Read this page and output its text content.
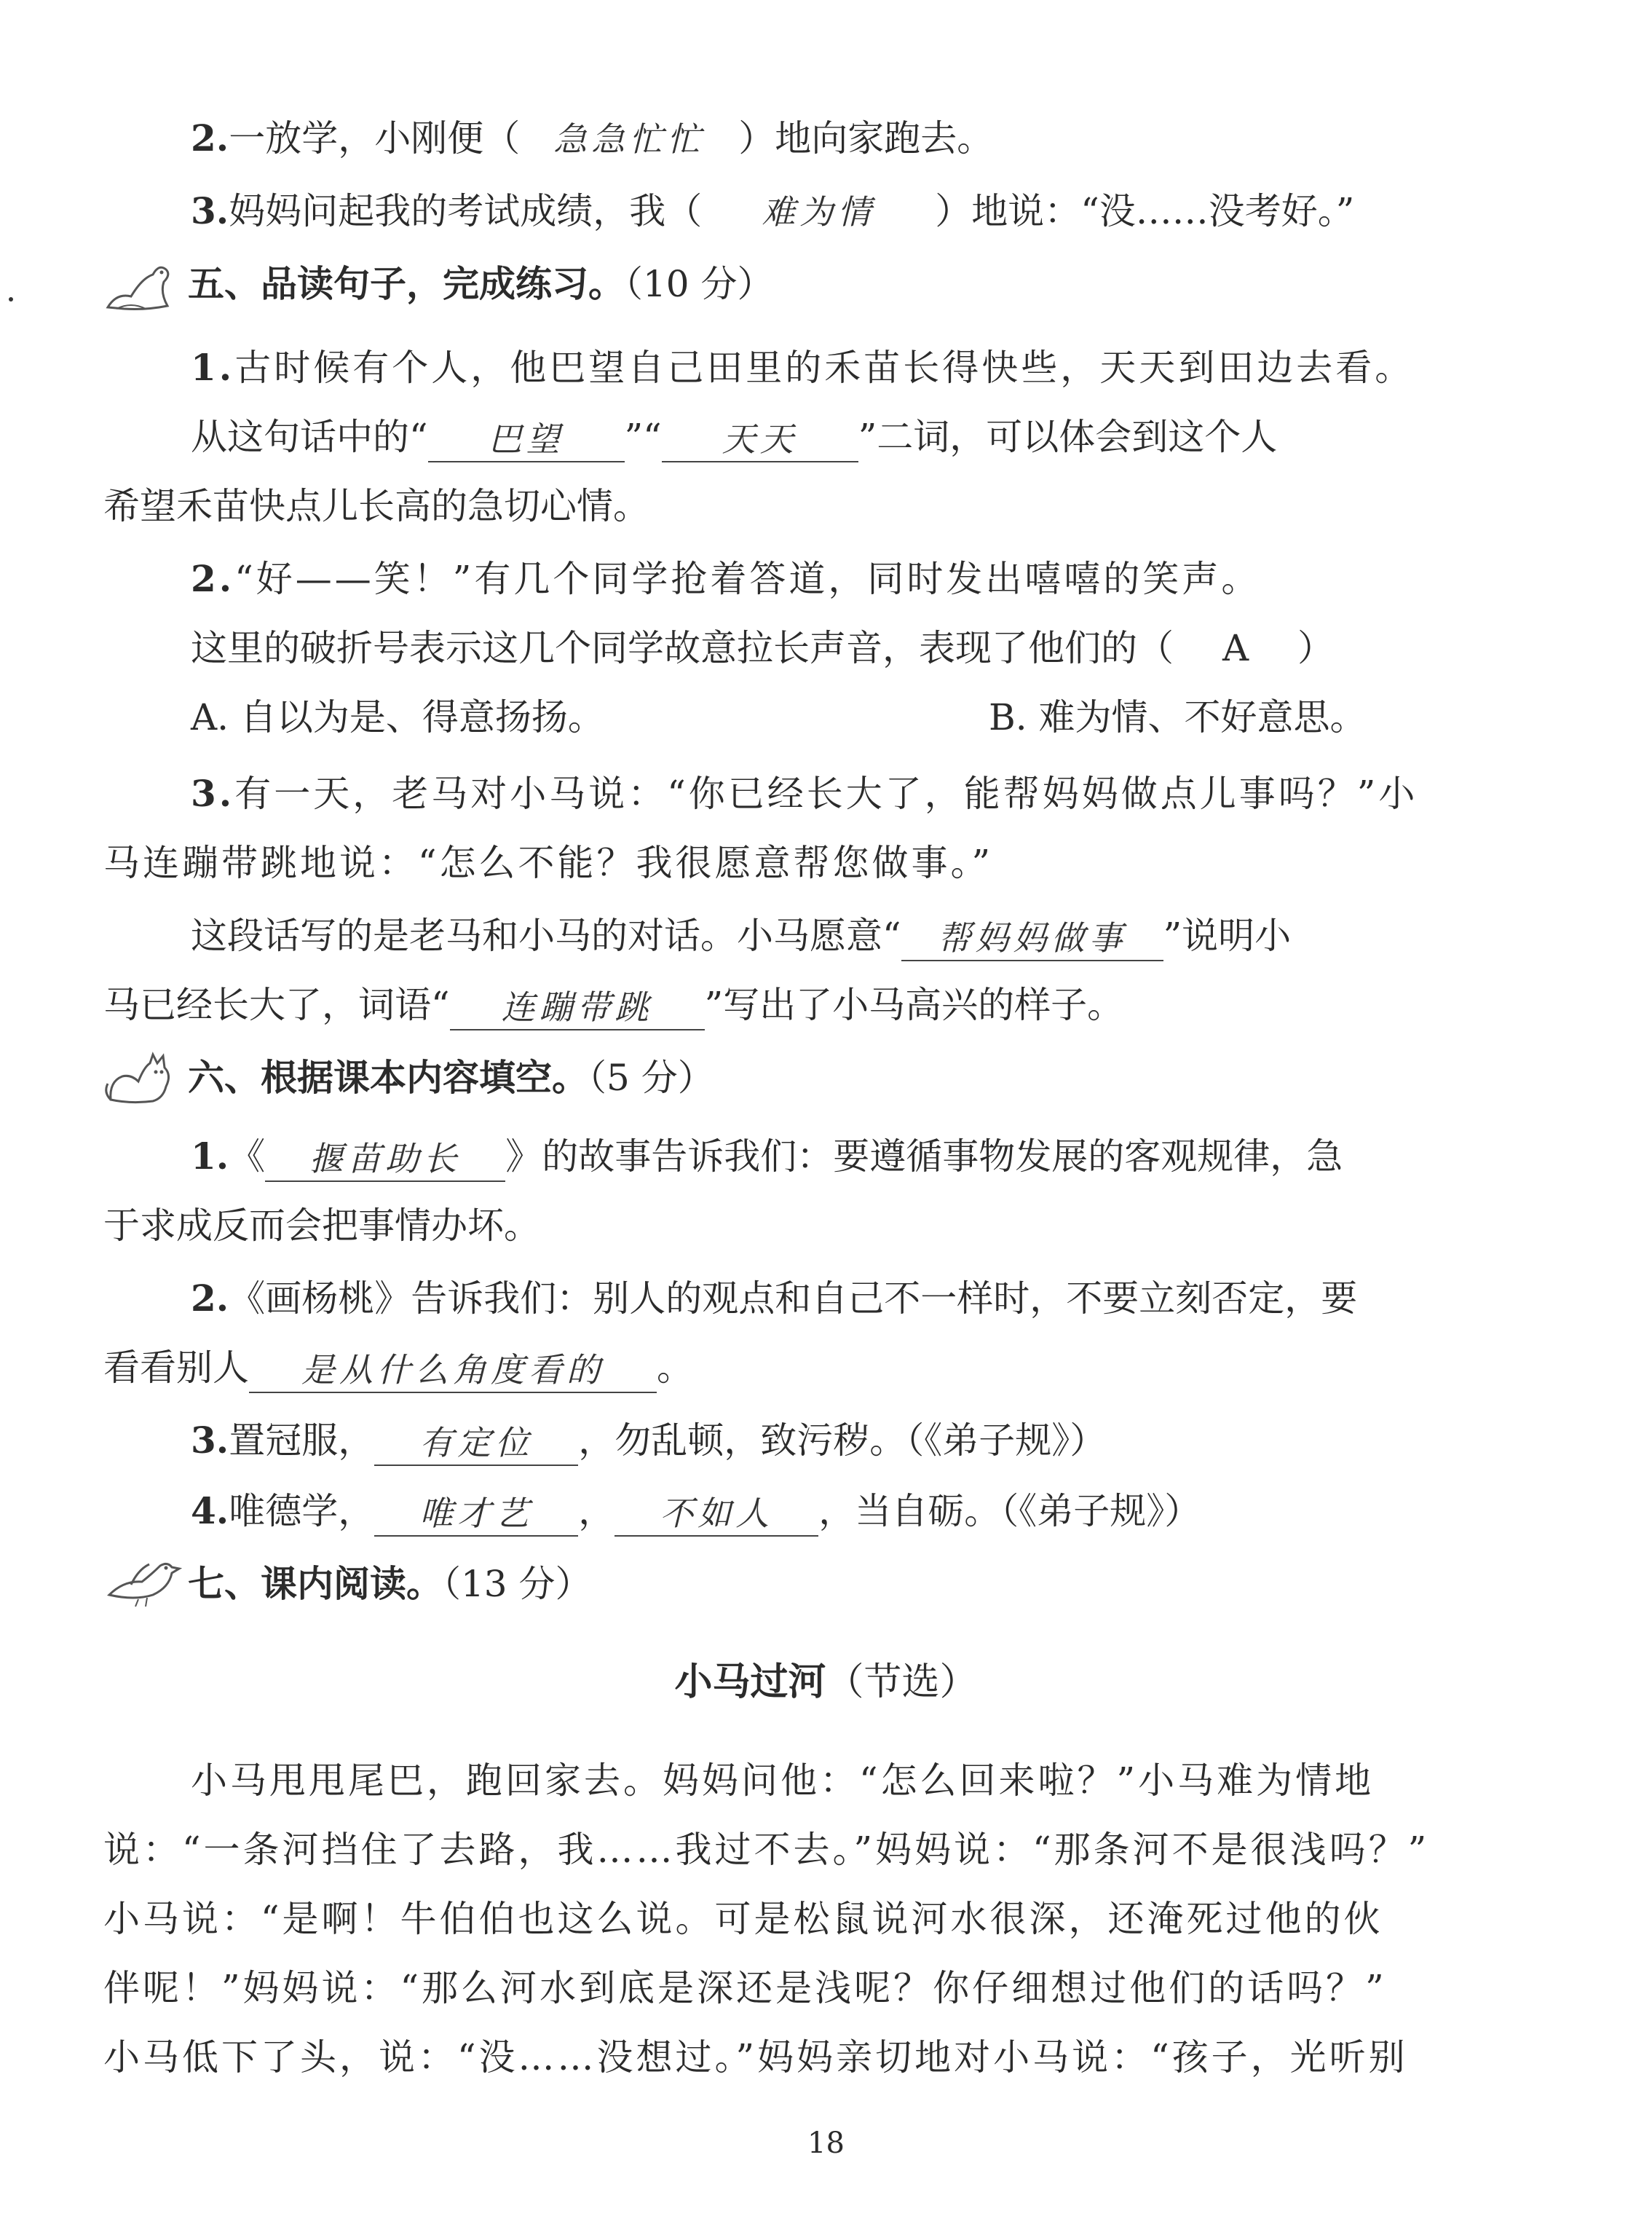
2.一放学，小刚便（ 急急忙忙 ）地向家跑去。
3.妈妈问起我的考试成绩，我（ 难为情 ）地说：“没……没考好。”
五、品读句子，完成练习。（10 分）
1.古时候有个人，他巴望自己田里的禾苗长得快些，天天到田边去看。
从这句话中的“ 巴望 ”“ 天天 ”二词，可以体会到这个人
希望禾苗快点儿长高的急切心情。
2.“好——笑！”有几个同学抢着答道，同时发出嘻嘻的笑声。
这里的破折号表示这几个同学故意拉长声音，表现了他们的（ A ）
A. 自以为是、得意扬扬。	B. 难为情、不好意思。
3.有一天，老马对小马说：“你已经长大了，能帮妈妈做点儿事吗？”小
马连蹦带跳地说：“怎么不能？我很愿意帮您做事。”
这段话写的是老马和小马的对话。小马愿意“ 帮妈妈做事 ”说明小
马已经长大了，词语“ 连蹦带跳 ”写出了小马高兴的样子。
六、根据课本内容填空。（5 分）
1.《 揠苗助长 》的故事告诉我们：要遵循事物发展的客观规律，急
于求成反而会把事情办坏。
2.《画杨桃》告诉我们：别人的观点和自己不一样时，不要立刻否定，要
看看别人 是从什么角度看的 。
3.置冠服， 有定位 ，勿乱顿，致污秽。（《弟子规》）
4.唯德学， 唯才艺 ， 不如人 ，当自砺。（《弟子规》）
七、课内阅读。（13 分）
小马过河（节选）
小马甩甩尾巴，跑回家去。妈妈问他：“怎么回来啦？”小马难为情地
说：“一条河挡住了去路，我……我过不去。”妈妈说：“那条河不是很浅吗？”
小马说：“是啊！牛伯伯也这么说。可是松鼠说河水很深，还淹死过他的伙
伴呢！”妈妈说：“那么河水到底是深还是浅呢？你仔细想过他们的话吗？”
小马低下了头，说：“没……没想过。”妈妈亲切地对小马说：“孩子，光听别
18
